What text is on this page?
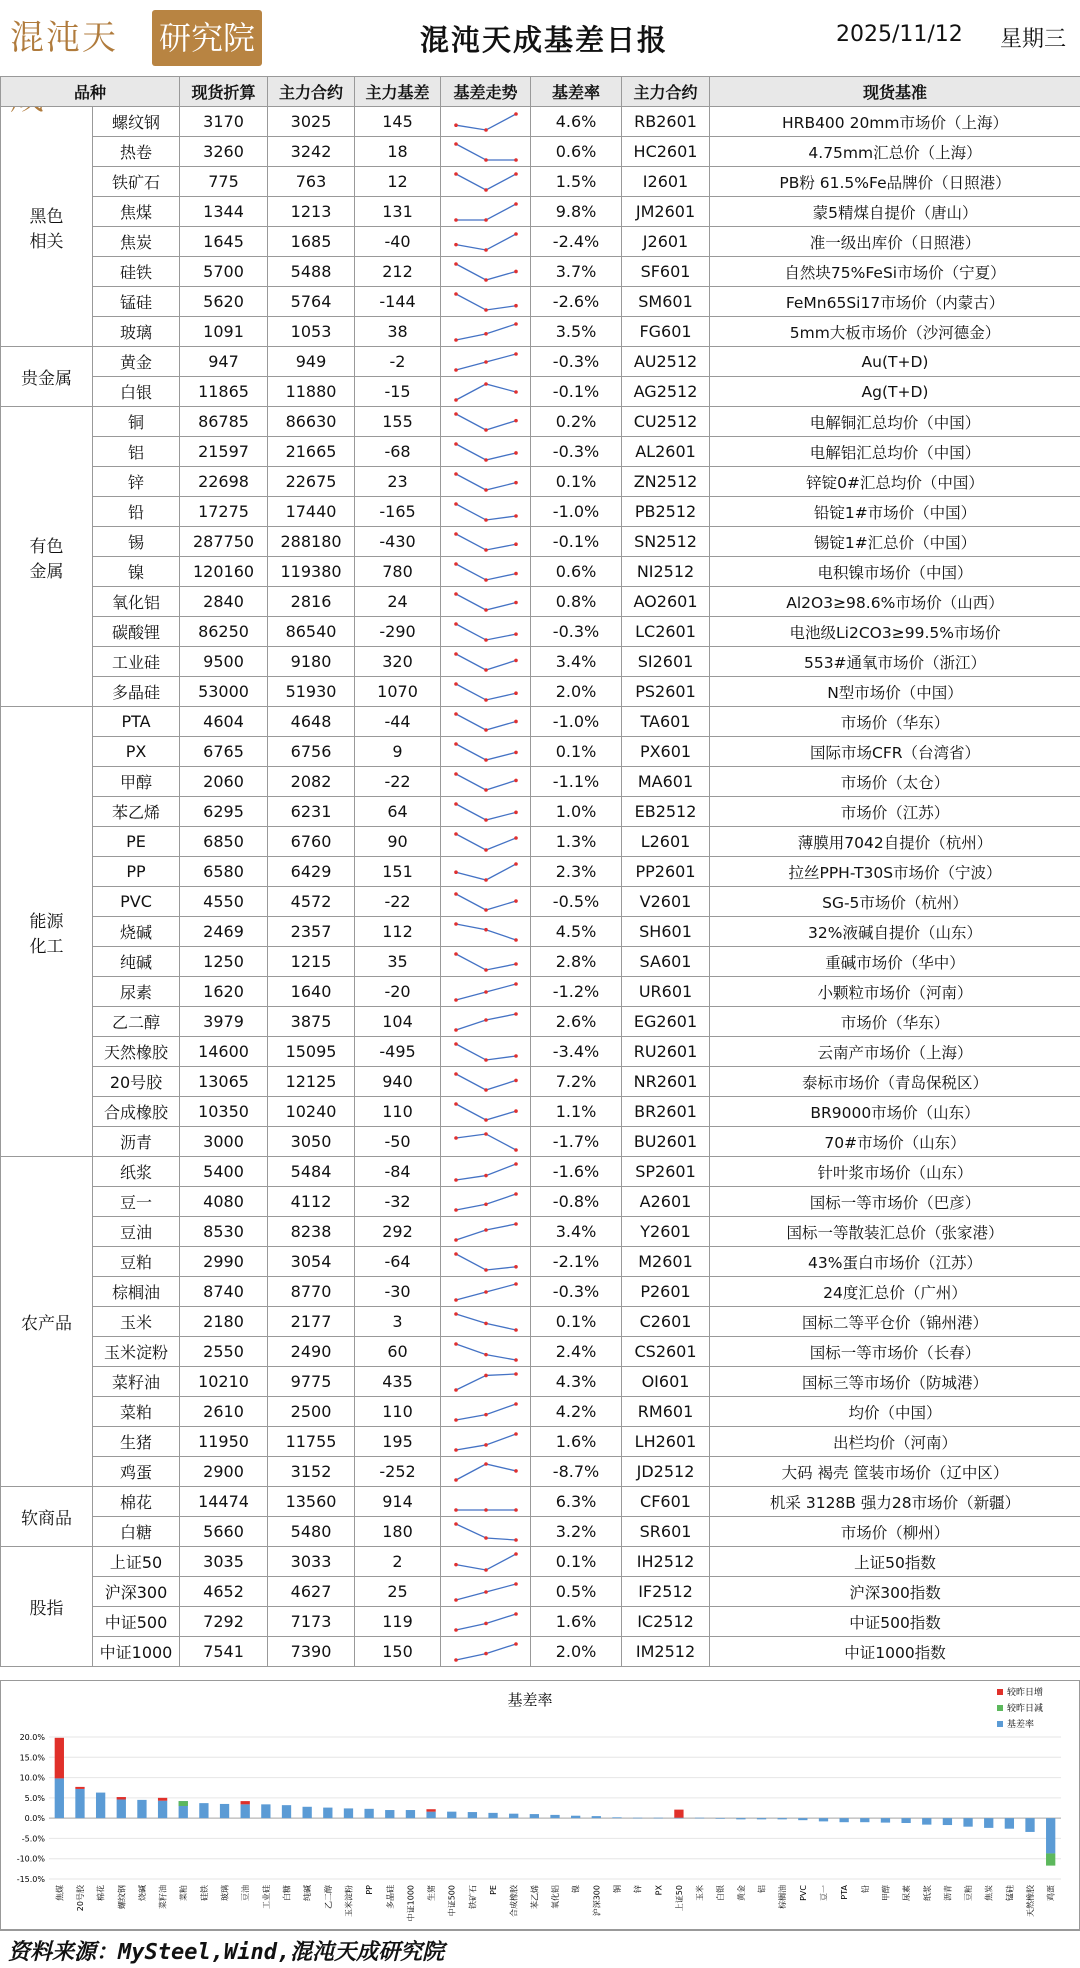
混沌天	研究院	混沌天成基差日报	2025/11/12 星期三
品种		现货折算	主力合约	主力基差	基差走势	基差率	主力合约	现货基准
黑色
相关	螺纹钢	3170	3025	145		4.6%	RB2601	HRB400 20mm市场价（上海）
	热卷	3260	3242	18		0.6%	HC2601	4.75mm汇总价（上海）
	铁矿石	775	763	12		1.5%	I2601	PB粉 61.5%Fe品牌价（日照港）
	焦煤	1344	1213	131		9.8%	JM2601	蒙5精煤自提价（唐山）
	焦炭	1645	1685	-40		-2.4%	J2601	准一级出库价（日照港）
	硅铁	5700	5488	212		3.7%	SF601	自然块75%FeSi市场价（宁夏）
	锰硅	5620	5764	-144		-2.6%	SM601	FeMn65Si17市场价（内蒙古）
	玻璃	1091	1053	38		3.5%	FG601	5mm大板市场价（沙河德金）
贵金属	黄金	947	949	-2		-0.3%	AU2512	Au(T+D)
	白银	11865	11880	-15		-0.1%	AG2512	Ag(T+D)
有色
金属	铜	86785	86630	155		0.2%	CU2512	电解铜汇总均价（中国）
	铝	21597	21665	-68		-0.3%	AL2601	电解铝汇总均价（中国）
	锌	22698	22675	23		0.1%	ZN2512	锌锭0#汇总均价（中国）
	铅	17275	17440	-165		-1.0%	PB2512	铅锭1#市场价（中国）
	锡	287750	288180	-430		-0.1%	SN2512	锡锭1#汇总价（中国）
	镍	120160	119380	780		0.6%	NI2512	电积镍市场价（中国）
	氧化铝	2840	2816	24		0.8%	AO2601	Al2O3≥98.6%市场价（山西）
	碳酸锂	86250	86540	-290		-0.3%	LC2601	电池级Li2CO3≥99.5%市场价
	工业硅	9500	9180	320		3.4%	SI2601	553#通氧市场价（浙江）
	多晶硅	53000	51930	1070		2.0%	PS2601	N型市场价（中国）
能源
化工	PTA	4604	4648	-44		-1.0%	TA601	市场价（华东）
	PX	6765	6756	9		0.1%	PX601	国际市场CFR（台湾省）
	甲醇	2060	2082	-22		-1.1%	MA601	市场价（太仓）
	苯乙烯	6295	6231	64		1.0%	EB2512	市场价（江苏）
	PE	6850	6760	90		1.3%	L2601	薄膜用7042自提价（杭州）
	PP	6580	6429	151		2.3%	PP2601	拉丝PPH-T30S市场价（宁波）
	PVC	4550	4572	-22		-0.5%	V2601	SG-5市场价（杭州）
	烧碱	2469	2357	112		4.5%	SH601	32%液碱自提价（山东）
	纯碱	1250	1215	35		2.8%	SA601	重碱市场价（华中）
	尿素	1620	1640	-20		-1.2%	UR601	小颗粒市场价（河南）
	乙二醇	3979	3875	104		2.6%	EG2601	市场价（华东）
	天然橡胶	14600	15095	-495		-3.4%	RU2601	云南产市场价（上海）
	20号胶	13065	12125	940		7.2%	NR2601	泰标市场价（青岛保税区）
	合成橡胶	10350	10240	110		1.1%	BR2601	BR9000市场价（山东）
	沥青	3000	3050	-50		-1.7%	BU2601	70#市场价（山东）
农产品	纸浆	5400	5484	-84		-1.6%	SP2601	针叶浆市场价（山东）
	豆一	4080	4112	-32		-0.8%	A2601	国标一等市场价（巴彦）
	豆油	8530	8238	292		3.4%	Y2601	国标一等散装汇总价（张家港）
	豆粕	2990	3054	-64		-2.1%	M2601	43%蛋白市场价（江苏）
	棕榈油	8740	8770	-30		-0.3%	P2601	24度汇总价（广州）
	玉米	2180	2177	3		0.1%	C2601	国标二等平仓价（锦州港）
	玉米淀粉	2550	2490	60		2.4%	CS2601	国标一等市场价（长春）
	菜籽油	10210	9775	435		4.3%	OI601	国标三等市场价（防城港）
	菜粕	2610	2500	110		4.2%	RM601	均价（中国）
	生猪	11950	11755	195		1.6%	LH2601	出栏均价（河南）
	鸡蛋	2900	3152	-252		-8.7%	JD2512	大码 褐壳 筐装市场价（辽中区）
软商品	棉花	14474	13560	914		6.3%	CF601	机采 3128B 强力28市场价（新疆）
	白糖	5660	5480	180		3.2%	SR601	市场价（柳州）
股指	上证50	3035	3033	2		0.1%	IH2512	上证50指数
	沪深300	4652	4627	25		0.5%	IF2512	沪深300指数
	中证500	7292	7173	119		1.6%	IC2512	中证500指数
	中证1000	7541	7390	150		2.0%	IM2512	中证1000指数
基差率
20.0%
15.0%
10.0%
5.0%
0.0%
-5.0%
-10.0%
-15.0%
焦煤 20号胶 棉花 螺纹钢 烧碱 菜籽油 菜粕 硅铁 玻璃 豆油 工业硅 白糖 纯碱 乙二醇 玉米淀粉 PP 多晶硅 中证1000 生猪 中证500 铁矿石 PE 合成橡胶 苯乙烯 氧化铝 镍 沪深300 铜 锌 PX 上证50 玉米 白银 黄金 铝 棕榈油 PVC 豆一 PTA 铅 甲醇 尿素 纸浆 沥青 豆粕 焦炭 锰硅 天然橡胶 鸡蛋
较昨日增
较昨日减
基差率
资料来源：MySteel,Wind,混沌天成研究院
